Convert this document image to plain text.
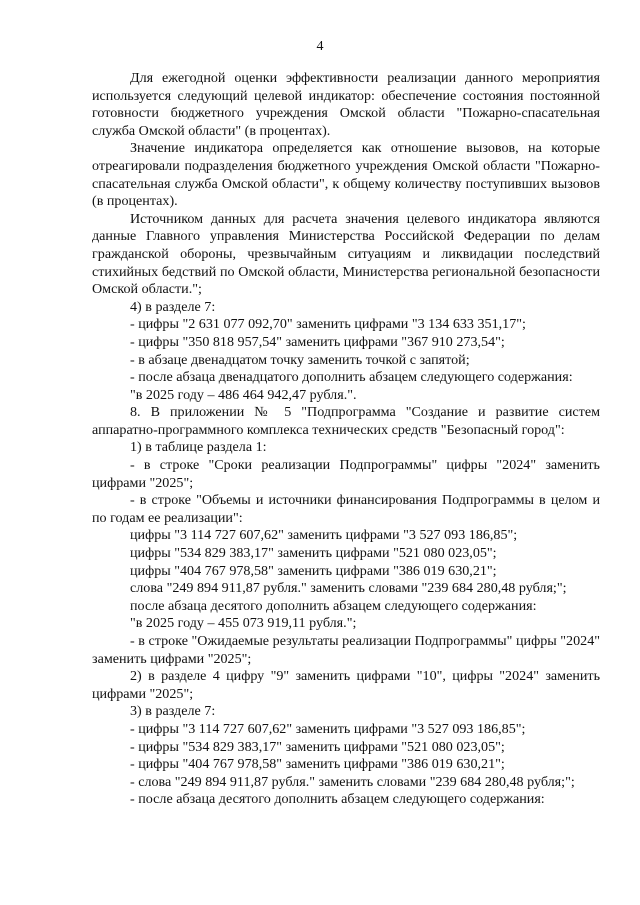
4

Для ежегодной оценки эффективности реализации данного мероприятия используется следующий целевой индикатор: обеспечение состояния постоянной готовности бюджетного учреждения Омской области "Пожарно-спасательная служба Омской области" (в процентах).

Значение индикатора определяется как отношение вызовов, на которые отреагировали подразделения бюджетного учреждения Омской области "Пожарно-спасательная служба Омской области", к общему количеству поступивших вызовов (в процентах).

Источником данных для расчета значения целевого индикатора являются данные Главного управления Министерства Российской Федерации по делам гражданской обороны, чрезвычайным ситуациям и ликвидации последствий стихийных бедствий по Омской области, Министерства региональной безопасности Омской области.";

4) в разделе 7:

- цифры "2 631 077 092,70" заменить цифрами "3 134 633 351,17";

- цифры "350 818 957,54" заменить цифрами "367 910 273,54";

- в абзаце двенадцатом точку заменить точкой с запятой;

- после абзаца двенадцатого дополнить абзацем следующего содержания:

"в 2025 году – 486 464 942,47 рубля.".

8. В приложении № 5 "Подпрограмма "Создание и развитие систем аппаратно-программного комплекса технических средств "Безопасный город":

1) в таблице раздела 1:

- в строке "Сроки реализации Подпрограммы" цифры "2024" заменить цифрами "2025";

- в строке "Объемы и источники финансирования Подпрограммы в целом и по годам ее реализации":

цифры "3 114 727 607,62" заменить цифрами "3 527 093 186,85";

цифры "534 829 383,17" заменить цифрами "521 080 023,05";

цифры "404 767 978,58" заменить цифрами "386 019 630,21";

слова "249 894 911,87 рубля." заменить словами "239 684 280,48 рубля;";

после абзаца десятого дополнить абзацем следующего содержания:

"в 2025 году – 455 073 919,11 рубля.";

- в строке "Ожидаемые результаты реализации Подпрограммы" цифры "2024" заменить цифрами "2025";

2) в разделе 4 цифру "9" заменить цифрами "10", цифры "2024" заменить цифрами "2025";

3) в разделе 7:

- цифры "3 114 727 607,62" заменить цифрами "3 527 093 186,85";

- цифры "534 829 383,17" заменить цифрами "521 080 023,05";

- цифры "404 767 978,58" заменить цифрами "386 019 630,21";

- слова "249 894 911,87 рубля." заменить словами "239 684 280,48 рубля;";

- после абзаца десятого дополнить абзацем следующего содержания:
